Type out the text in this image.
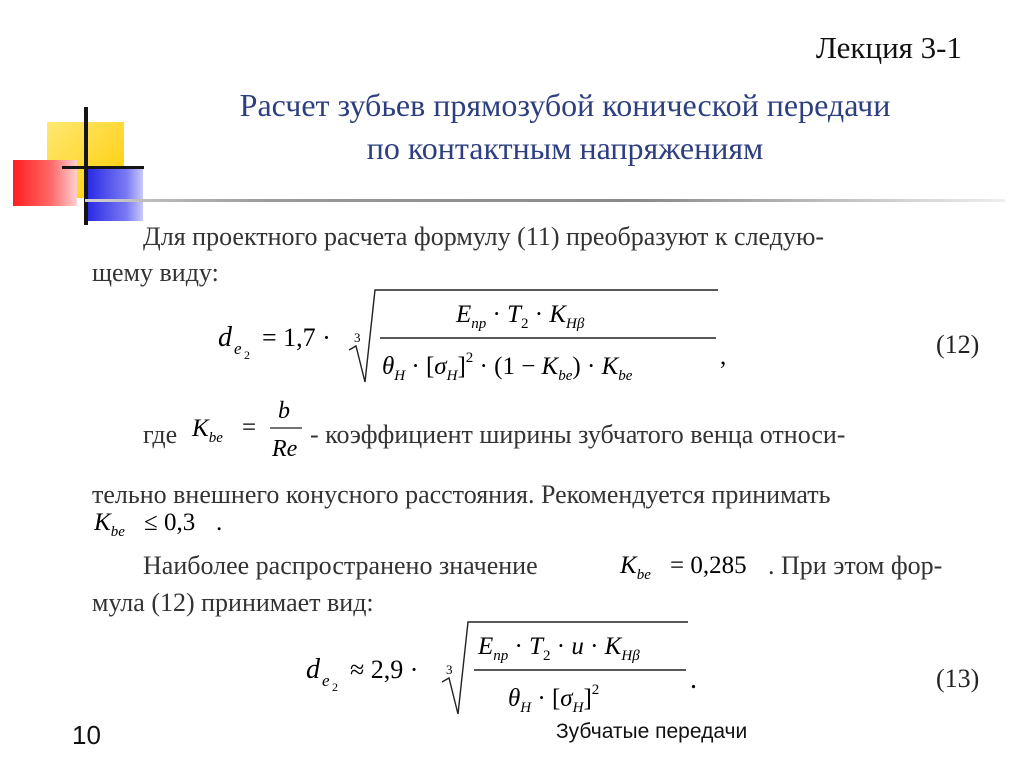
Лекция 3-1
Расчет зубьев прямозубой конической передачи
по контактным напряжениям
Для проектного расчета формулу (11) преобразуют к следую-
щему виду:
d e 2
= 1,7 · 3
$E_{пр} \cdot T_2 \cdot K_{H\beta}$
$\theta_H \cdot [\sigma_H]^2 \cdot (1 - K_{be}) \cdot K_{be}$
,	(12)
где $K_{be}$ =
b
Re - коэффициент ширины зубчатого венца относи-
тельно внешнего конусного расстояния. Рекомендуется принимать
$K_{be} \le 0,3$ .
Наиболее распространено значение	$K_{be} = 0,285$ . При этом фор-
мула (12) принимает вид:
d e 2
≈ 2,9 · 3
$E_{пр} \cdot T_2 \cdot u \cdot K_{H\beta}$
$\theta_H \cdot [\sigma_H]^2$	.	(13)
10	Зубчатые передачи
